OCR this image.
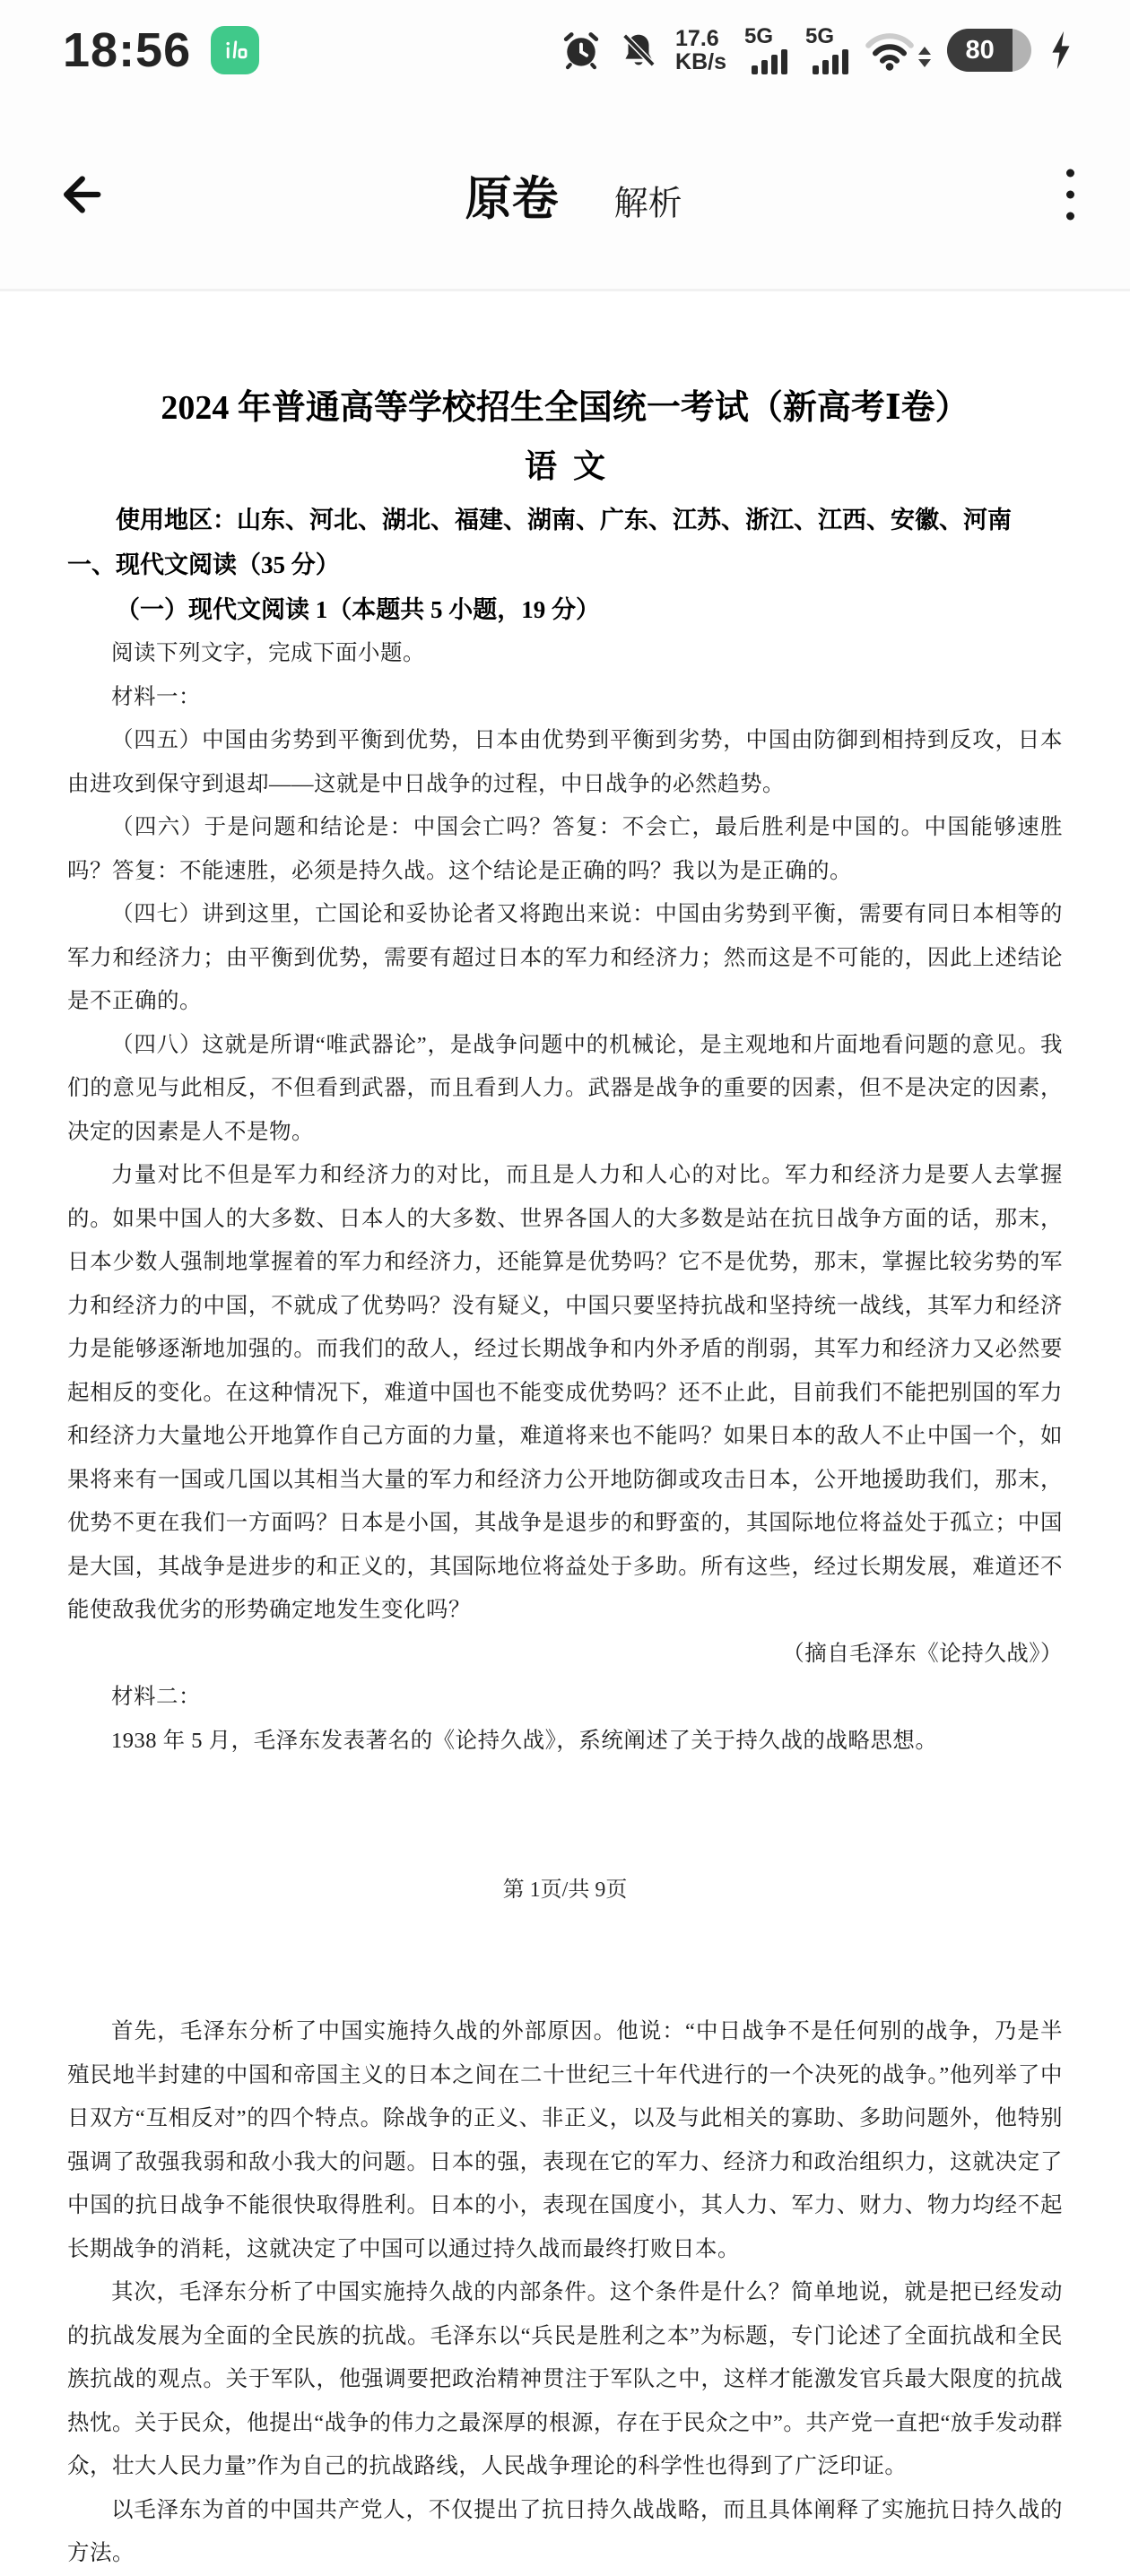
18:56	17.6
KB/s
5G 5G	80
原卷 解析
2024 年普通高等学校招生全国统一考试（新高考Ⅰ卷）
语  文

使用地区：山东、河北、湖北、福建、湖南、广东、江苏、浙江、江西、安徽、河南

一、现代文阅读（35 分）

（一）现代文阅读 1（本题共 5 小题，19 分）

阅读下列文字，完成下面小题。

材料一：

（四五）中国由劣势到平衡到优势，日本由优势到平衡到劣势，中国由防御到相持到反攻，日本由进攻到保守到退却——这就是中日战争的过程，中日战争的必然趋势。

（四六）于是问题和结论是：中国会亡吗？答复：不会亡，最后胜利是中国的。中国能够速胜吗？答复：不能速胜，必须是持久战。这个结论是正确的吗？我以为是正确的。

（四七）讲到这里，亡国论和妥协论者又将跑出来说：中国由劣势到平衡，需要有同日本相等的军力和经济力；由平衡到优势，需要有超过日本的军力和经济力；然而这是不可能的，因此上述结论是不正确的。

（四八）这就是所谓“唯武器论”，是战争问题中的机械论，是主观地和片面地看问题的意见。我们的意见与此相反，不但看到武器，而且看到人力。武器是战争的重要的因素，但不是决定的因素，决定的因素是人不是物。

力量对比不但是军力和经济力的对比，而且是人力和人心的对比。军力和经济力是要人去掌握的。如果中国人的大多数、日本人的大多数、世界各国人的大多数是站在抗日战争方面的话，那末，日本少数人强制地掌握着的军力和经济力，还能算是优势吗？它不是优势，那末，掌握比较劣势的军力和经济力的中国，不就成了优势吗？没有疑义，中国只要坚持抗战和坚持统一战线，其军力和经济力是能够逐渐地加强的。而我们的敌人，经过长期战争和内外矛盾的削弱，其军力和经济力又必然要起相反的变化。在这种情况下，难道中国也不能变成优势吗？还不止此，目前我们不能把别国的军力和经济力大量地公开地算作自己方面的力量，难道将来也不能吗？如果日本的敌人不止中国一个，如果将来有一国或几国以其相当大量的军力和经济力公开地防御或攻击日本，公开地援助我们，那末，优势不更在我们一方面吗？日本是小国，其战争是退步的和野蛮的，其国际地位将益处于孤立；中国是大国，其战争是进步的和正义的，其国际地位将益处于多助。所有这些，经过长期发展，难道还不能使敌我优劣的形势确定地发生变化吗？

（摘自毛泽东《论持久战》）

材料二：

1938 年 5 月，毛泽东发表著名的《论持久战》，系统阐述了关于持久战的战略思想。

第 1页/共 9页

首先，毛泽东分析了中国实施持久战的外部原因。他说：“中日战争不是任何别的战争，乃是半殖民地半封建的中国和帝国主义的日本之间在二十世纪三十年代进行的一个决死的战争。”他列举了中日双方“互相反对”的四个特点。除战争的正义、非正义，以及与此相关的寡助、多助问题外，他特别强调了敌强我弱和敌小我大的问题。日本的强，表现在它的军力、经济力和政治组织力，这就决定了中国的抗日战争不能很快取得胜利。日本的小，表现在国度小，其人力、军力、财力、物力均经不起长期战争的消耗，这就决定了中国可以通过持久战而最终打败日本。

其次，毛泽东分析了中国实施持久战的内部条件。这个条件是什么？简单地说，就是把已经发动的抗战发展为全面的全民族的抗战。毛泽东以“兵民是胜利之本”为标题，专门论述了全面抗战和全民族抗战的观点。关于军队，他强调要把政治精神贯注于军队之中，这样才能激发官兵最大限度的抗战热忱。关于民众，他提出“战争的伟力之最深厚的根源，存在于民众之中”。共产党一直把“放手发动群众，壮大人民力量”作为自己的抗战路线，人民战争理论的科学性也得到了广泛印证。

以毛泽东为首的中国共产党人，不仅提出了抗日持久战战略，而且具体阐释了实施抗日持久战的方法。
